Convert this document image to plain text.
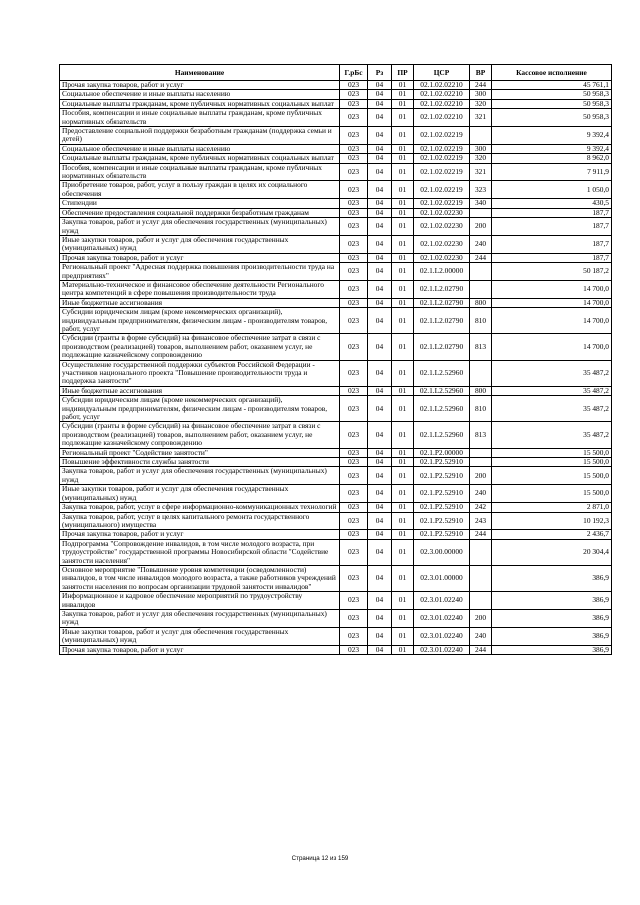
Наименование	Г.рБс	Рз	ПР	ЦСР	ВР	Кассовое исполнение
Прочая закупка товаров, работ и услуг	023	04	01	02.1.02.02210	244	45 761,1
Социальное обеспечение и иные выплаты населению	023	04	01	02.1.02.02210	300	50 958,3
Социальные выплаты гражданам, кроме публичных нормативных социальных выплат	023	04	01	02.1.02.02210	320	50 958,3
Пособия, компенсации и иные социальные выплаты гражданам, кроме публичных нормативных обязательств	023	04	01	02.1.02.02210	321	50 958,3
Предоставление социальной поддержки безработным гражданам (поддержка семьи и детей)	023	04	01	02.1.02.02219		9 392,4
Социальное обеспечение и иные выплаты населению	023	04	01	02.1.02.02219	300	9 392,4
Социальные выплаты гражданам, кроме публичных нормативных социальных выплат	023	04	01	02.1.02.02219	320	8 962,0
Пособия, компенсации и иные социальные выплаты гражданам, кроме публичных нормативных обязательств	023	04	01	02.1.02.02219	321	7 911,9
Приобретение товаров, работ, услуг в пользу граждан в целях их социального обеспечения	023	04	01	02.1.02.02219	323	1 050,0
Стипендии	023	04	01	02.1.02.02219	340	430,5
Обеспечение предоставления социальной поддержки безработным гражданам	023	04	01	02.1.02.02230		187,7
Закупка товаров, работ и услуг для обеспечения государственных (муниципальных) нужд	023	04	01	02.1.02.02230	200	187,7
Иные закупки товаров, работ и услуг для обеспечения государственных (муниципальных) нужд	023	04	01	02.1.02.02230	240	187,7
Прочая закупка товаров, работ и услуг	023	04	01	02.1.02.02230	244	187,7
Региональный проект "Адресная поддержка повышения производительности труда на предприятиях"	023	04	01	02.1.L2.00000		50 187,2
Материально-техническое и финансовое обеспечение деятельности Регионального центра компетенций в сфере повышения производительности труда	023	04	01	02.1.L2.02790		14 700,0
Иные бюджетные ассигнования	023	04	01	02.1.L2.02790	800	14 700,0
Субсидии юридическим лицам (кроме некоммерческих организаций), индивидуальным предпринимателям, физическим лицам - производителям товаров, работ, услуг	023	04	01	02.1.L2.02790	810	14 700,0
Субсидии (гранты в форме субсидий) на финансовое обеспечение затрат в связи с производством (реализацией) товаров, выполнением работ, оказанием услуг, не подлежащие казначейскому сопровождению	023	04	01	02.1.L2.02790	813	14 700,0
Осуществление государственной поддержки субъектов Российской Федерации - участников национального проекта "Повышение производительности труда и поддержка занятости"	023	04	01	02.1.L2.52960		35 487,2
Иные бюджетные ассигнования	023	04	01	02.1.L2.52960	800	35 487,2
Субсидии юридическим лицам (кроме некоммерческих организаций), индивидуальным предпринимателям, физическим лицам - производителям товаров, работ, услуг	023	04	01	02.1.L2.52960	810	35 487,2
Субсидии (гранты в форме субсидий) на финансовое обеспечение затрат в связи с производством (реализацией) товаров, выполнением работ, оказанием услуг, не подлежащие казначейскому сопровождению	023	04	01	02.1.L2.52960	813	35 487,2
Региональный проект "Содействие занятости"	023	04	01	02.1.P2.00000		15 500,0
Повышение эффективности службы занятости	023	04	01	02.1.P2.52910		15 500,0
Закупка товаров, работ и услуг для обеспечения государственных (муниципальных) нужд	023	04	01	02.1.P2.52910	200	15 500,0
Иные закупки товаров, работ и услуг для обеспечения государственных (муниципальных) нужд	023	04	01	02.1.P2.52910	240	15 500,0
Закупка товаров, работ, услуг в сфере информационно-коммуникационных технологий	023	04	01	02.1.P2.52910	242	2 871,0
Закупка товаров, работ, услуг в целях капитального ремонта государственного (муниципального) имущества	023	04	01	02.1.P2.52910	243	10 192,3
Прочая закупка товаров, работ и услуг	023	04	01	02.1.P2.52910	244	2 436,7
Подпрограмма "Сопровождение инвалидов, в том числе молодого возраста, при трудоустройстве" государственной программы Новосибирской области "Содействие занятости населения"	023	04	01	02.3.00.00000		20 304,4
Основное мероприятие "Повышение уровня компетенции (осведомленности) инвалидов, в том числе инвалидов молодого возраста, а также работников учреждений занятости населения по вопросам организации трудовой занятости инвалидов"	023	04	01	02.3.01.00000		386,9
Информационное и кадровое обеспечение мероприятий по трудоустройству инвалидов	023	04	01	02.3.01.02240		386,9
Закупка товаров, работ и услуг для обеспечения государственных (муниципальных) нужд	023	04	01	02.3.01.02240	200	386,9
Иные закупки товаров, работ и услуг для обеспечения государственных (муниципальных) нужд	023	04	01	02.3.01.02240	240	386,9
Прочая закупка товаров, работ и услуг	023	04	01	02.3.01.02240	244	386,9
Страница 12 из 159
